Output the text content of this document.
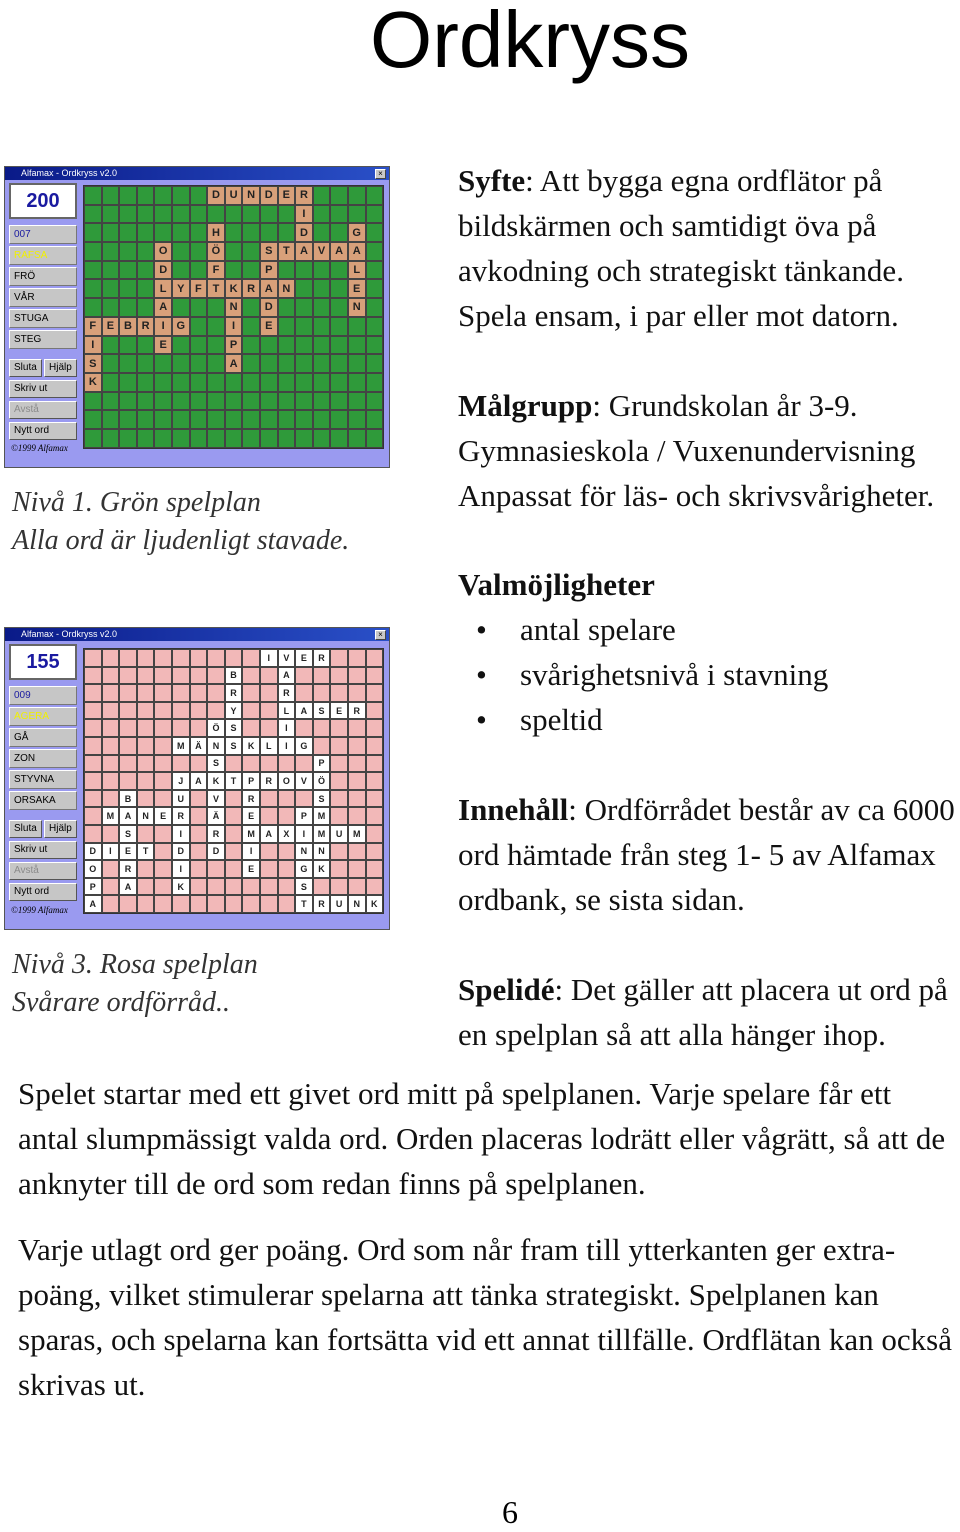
Ordkryss
Alfamax - Ordkryss v2.0	×
200
007
RAFSA
FRÖ
VÅR
STUGA
STEG
Sluta	Hjälp
Skriv ut
Avstå
Nytt ord
©1999 Alfamax
D U N D E R
I
H	D	G
O	Ö	S T A V A A
D	F	P	L
L Y F T K R A N	E
A	N	D	N
F E B R	I	G	I	E
I	E	P
S	A
K
Nivå 1. Grön spelplan
Alla ord är ljudenligt stavade.
Alfamax - Ordkryss v2.0	×
155
009
AGERA
GÅ
ZON
STYVNA
ORSAKA
Sluta	Hjälp
Skriv ut
Avstå
Nytt ord
©1999 Alfamax
I	V	E	R
B	A
R	R
Y	L	A	S	E	R
Ö	S	I
M	Ä	N	S	K	L	I	G
S	P
J	A	K	T	P	R	O	V	Ö
B	U	V	R	S
M	A	N	E	R	Ä	E	P	M
S	I	R	M	A	X	I	M	U	M
D	I	E	T	D	D	I	N	N
O	R	I	E	G	K
P	A	K	S
A	T	R	U	N	K
Nivå 3. Rosa spelplan
Svårare ordförråd..
Syfte: Att bygga egna ordflätor på bildskärmen och samtidigt öva på avkodning och strategiskt tänkande. Spela ensam, i par eller mot datorn.
Målgrupp: Grundskolan år 3-9. Gymnasieskola / Vuxenundervisning Anpassat för läs- och skrivsvårigheter.
Valmöjligheter
• antal spelare
• svårighetsnivå i stavning
• speltid
Innehåll: Ordförrådet består av ca 6000 ord hämtade från steg 1- 5 av Alfamax ordbank, se sista sidan.
Spelidé: Det gäller att placera ut ord på en spelplan så att alla hänger ihop.
Spelet startar med ett givet ord mitt på spelplanen. Varje spelare får ett antal slumpmässigt valda ord. Orden placeras lodrätt eller vågrätt, så att de anknyter till de ord som redan finns på spelplanen.
Varje utlagt ord ger poäng. Ord som når fram till ytterkanten ger extra-poäng, vilket stimulerar spelarna att tänka strategiskt. Spelplanen kan sparas, och spelarna kan fortsätta vid ett annat tillfälle. Ordflätan kan också skrivas ut.
6
